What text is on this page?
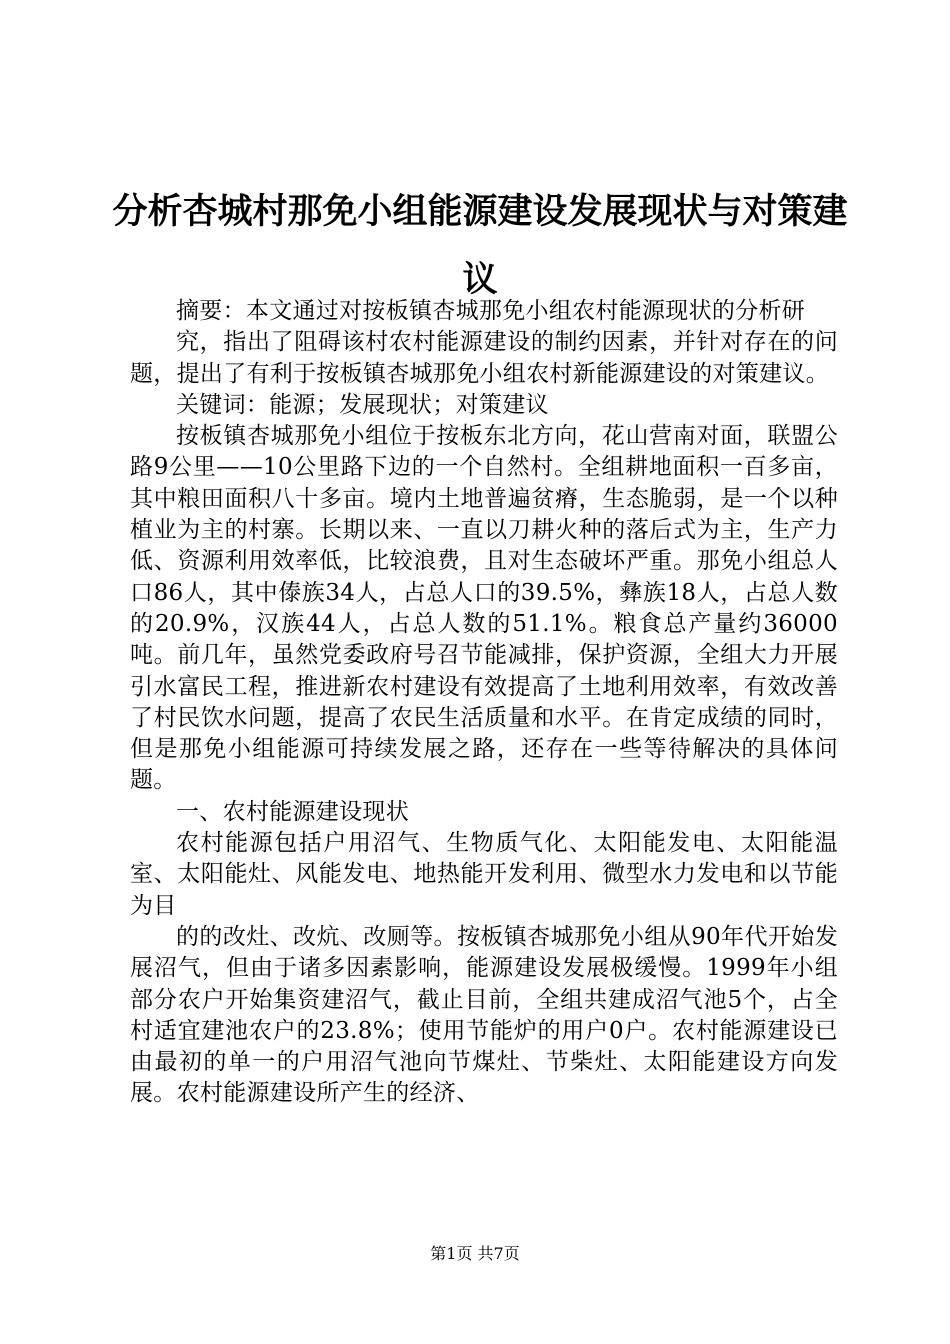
分析杏城村那免小组能源建设发展现状与对策建议

摘要：本文通过对按板镇杏城那免小组农村能源现状的分析研

究，指出了阻碍该村农村能源建设的制约因素，并针对存在的问题，提出了有利于按板镇杏城那免小组农村新能源建设的对策建议。

关键词：能源；发展现状；对策建议

按板镇杏城那免小组位于按板东北方向，花山营南对面，联盟公路9公里——10公里路下边的一个自然村。全组耕地面积一百多亩，其中粮田面积八十多亩。境内土地普遍贫瘠，生态脆弱，是一个以种植业为主的村寨。长期以来、一直以刀耕火种的落后式为主，生产力低、资源利用效率低，比较浪费，且对生态破坏严重。那免小组总人口86人，其中傣族34人，占总人口的39.5%，彝族18人，占总人数的20.9%，汉族44人，占总人数的51.1%。粮食总产量约36000吨。前几年，虽然党委政府号召节能减排，保护资源，全组大力开展引水富民工程，推进新农村建设有效提高了土地利用效率，有效改善了村民饮水问题，提高了农民生活质量和水平。在肯定成绩的同时，但是那免小组能源可持续发展之路，还存在一些等待解决的具体问题。

一、农村能源建设现状

农村能源包括户用沼气、生物质气化、太阳能发电、太阳能温室、太阳能灶、风能发电、地热能开发利用、微型水力发电和以节能为目

的的改灶、改炕、改厕等。按板镇杏城那免小组从90年代开始发展沼气，但由于诸多因素影响，能源建设发展极缓慢。1999年小组部分农户开始集资建沼气，截止目前，全组共建成沼气池5个，占全村适宜建池农户的23.8%；使用节能炉的用户0户。农村能源建设已由最初的单一的户用沼气池向节煤灶、节柴灶、太阳能建设方向发展。农村能源建设所产生的经济、

第1页 共7页
